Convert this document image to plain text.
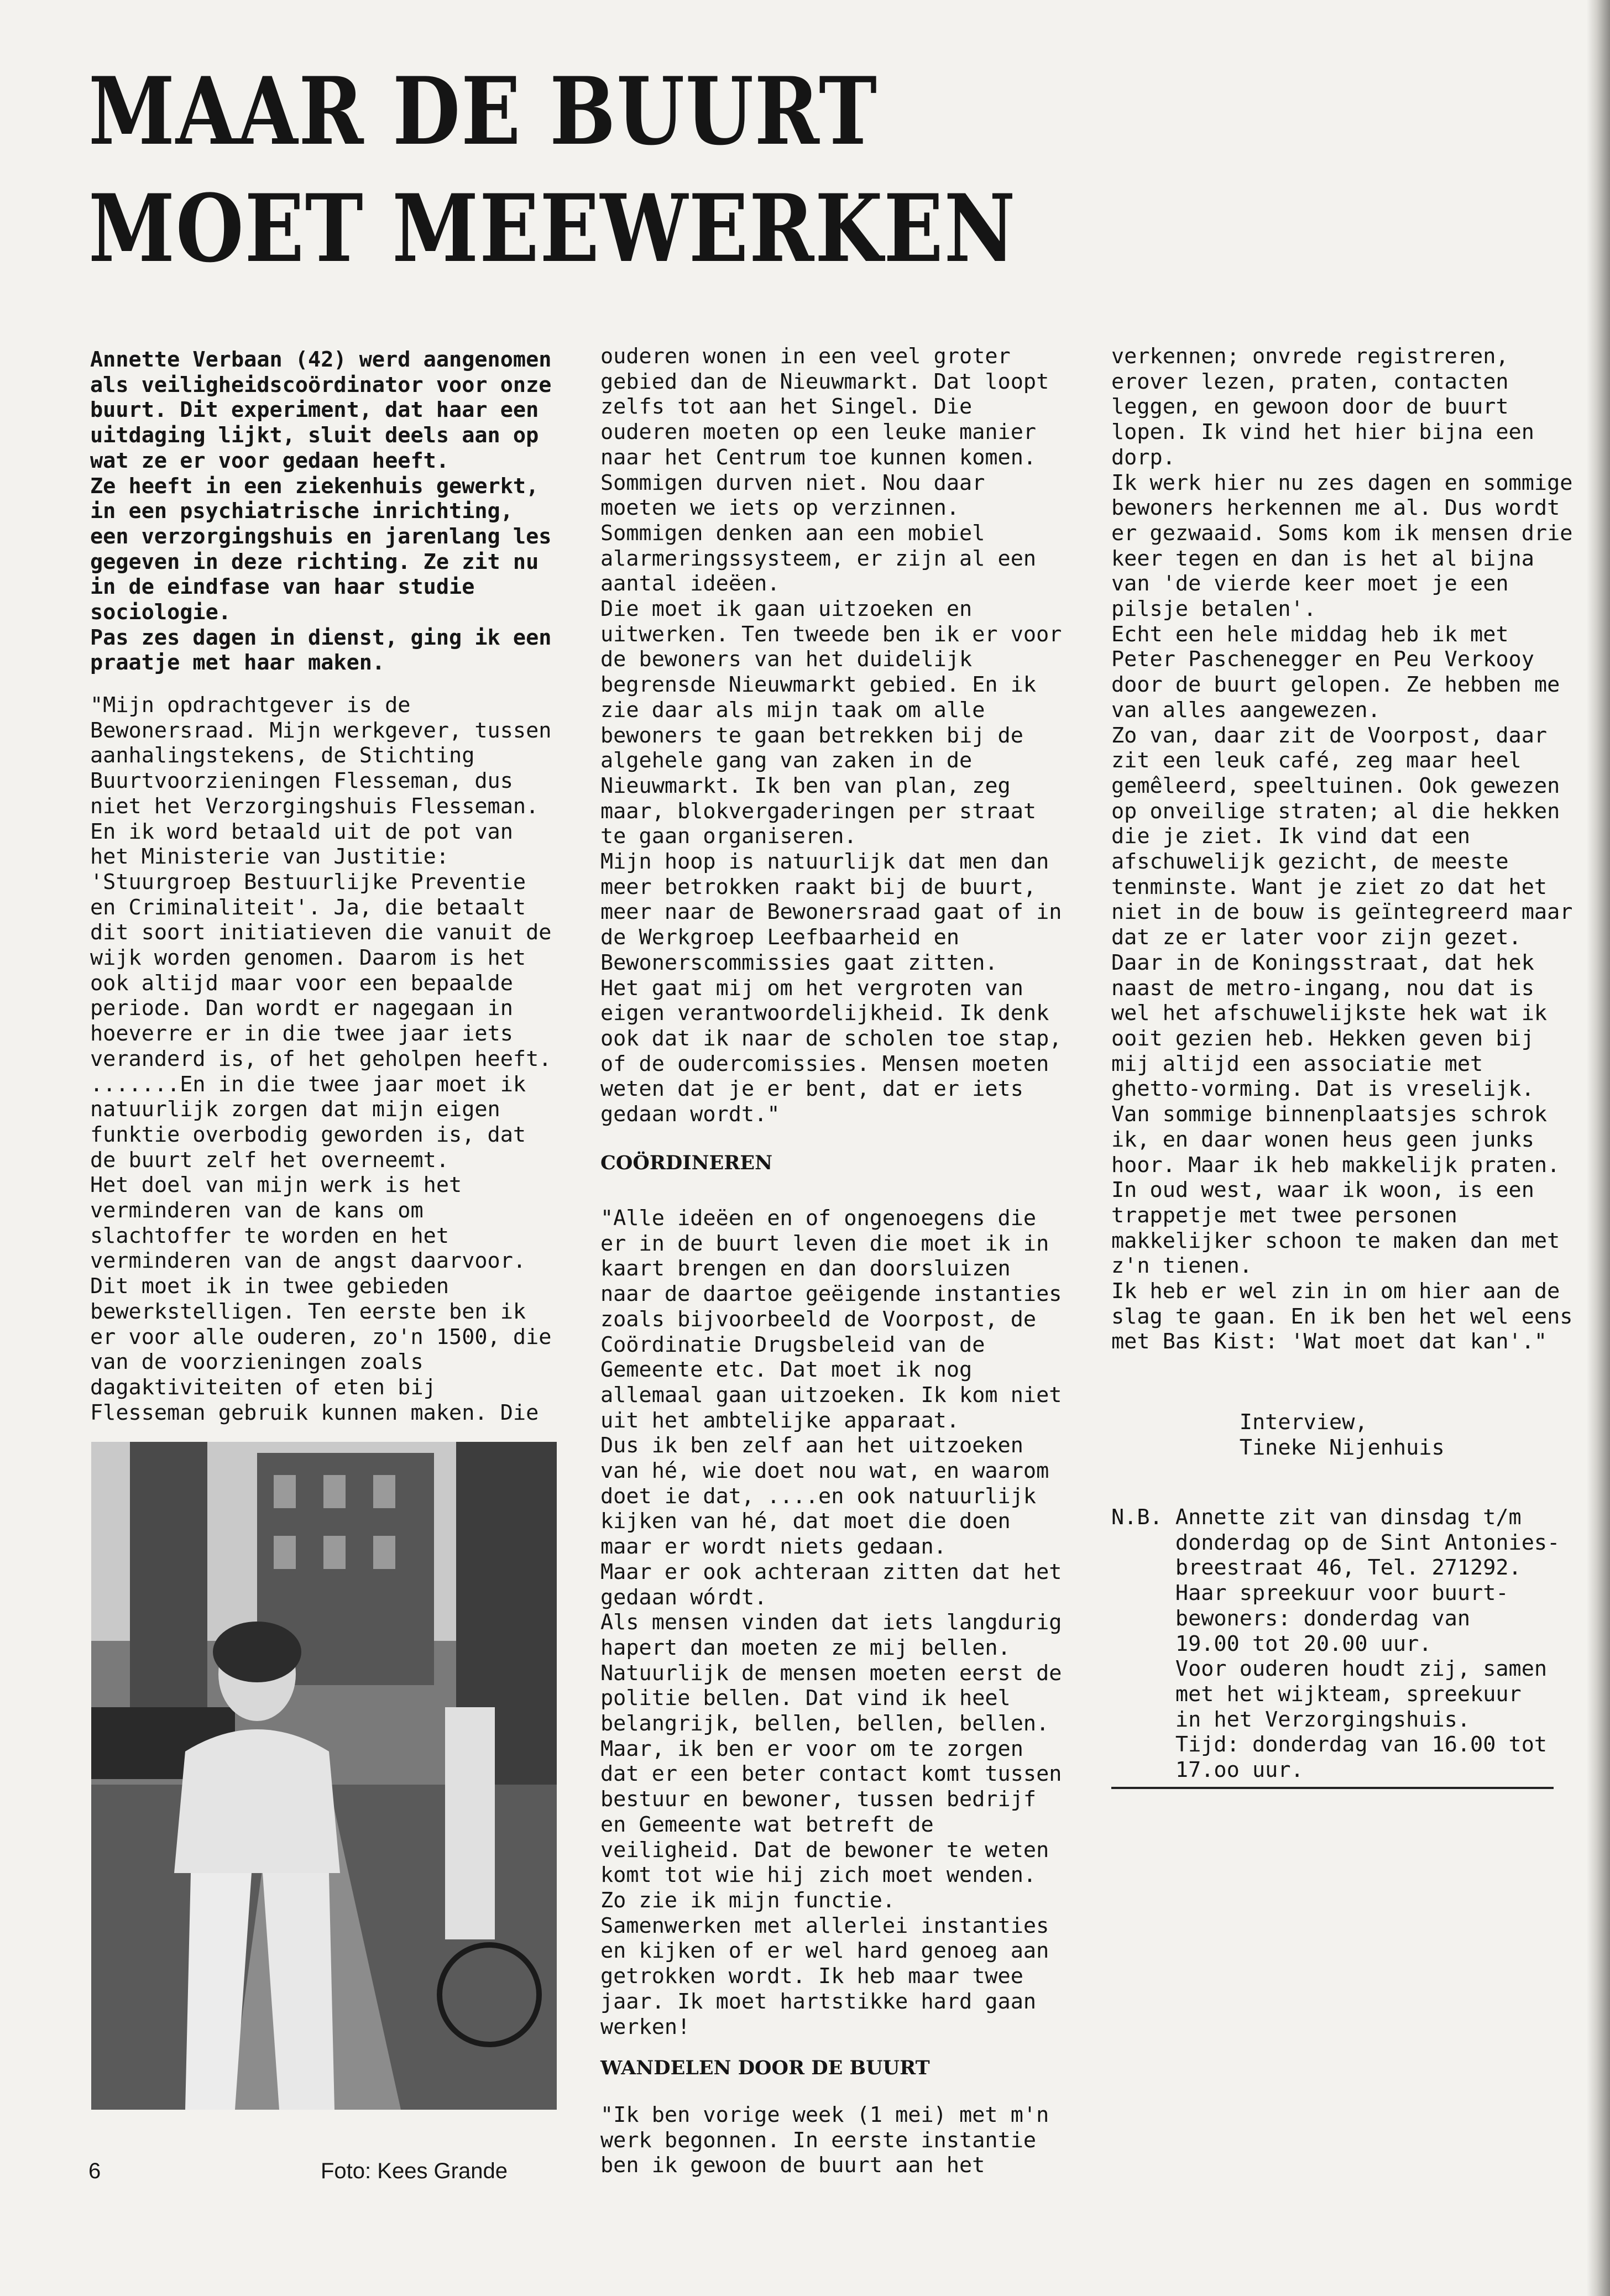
MAAR DE BUURT
MOET MEEWERKEN
Annette Verbaan (42) werd aangenomen
als veiligheidscoördinator voor onze
buurt. Dit experiment, dat haar een
uitdaging lijkt, sluit deels aan op
wat ze er voor gedaan heeft.
Ze heeft in een ziekenhuis gewerkt,
in een psychiatrische inrichting,
een verzorgingshuis en jarenlang les
gegeven in deze richting. Ze zit nu
in de eindfase van haar studie
sociologie.
Pas zes dagen in dienst, ging ik een
praatje met haar maken.
"Mijn opdrachtgever is de
Bewonersraad. Mijn werkgever, tussen
aanhalingstekens, de Stichting
Buurtvoorzieningen Flesseman, dus
niet het Verzorgingshuis Flesseman.
En ik word betaald uit de pot van
het Ministerie van Justitie:
'Stuurgroep Bestuurlijke Preventie
en Criminaliteit'. Ja, die betaalt
dit soort initiatieven die vanuit de
wijk worden genomen. Daarom is het
ook altijd maar voor een bepaalde
periode. Dan wordt er nagegaan in
hoeverre er in die twee jaar iets
veranderd is, of het geholpen heeft.
.......En in die twee jaar moet ik
natuurlijk zorgen dat mijn eigen
funktie overbodig geworden is, dat
de buurt zelf het overneemt.
Het doel van mijn werk is het
verminderen van de kans om
slachtoffer te worden en het
verminderen van de angst daarvoor.
Dit moet ik in twee gebieden
bewerkstelligen. Ten eerste ben ik
er voor alle ouderen, zo'n 1500, die
van de voorzieningen zoals
dagaktiviteiten of eten bij
Flesseman gebruik kunnen maken. Die
Foto: Kees Grande
6
ouderen wonen in een veel groter
gebied dan de Nieuwmarkt. Dat loopt
zelfs tot aan het Singel. Die
ouderen moeten op een leuke manier
naar het Centrum toe kunnen komen.
Sommigen durven niet. Nou daar
moeten we iets op verzinnen.
Sommigen denken aan een mobiel
alarmeringssysteem, er zijn al een
aantal ideëen.
Die moet ik gaan uitzoeken en
uitwerken. Ten tweede ben ik er voor
de bewoners van het duidelijk
begrensde Nieuwmarkt gebied. En ik
zie daar als mijn taak om alle
bewoners te gaan betrekken bij de
algehele gang van zaken in de
Nieuwmarkt. Ik ben van plan, zeg
maar, blokvergaderingen per straat
te gaan organiseren.
Mijn hoop is natuurlijk dat men dan
meer betrokken raakt bij de buurt,
meer naar de Bewonersraad gaat of in
de Werkgroep Leefbaarheid en
Bewonerscommissies gaat zitten.
Het gaat mij om het vergroten van
eigen verantwoordelijkheid. Ik denk
ook dat ik naar de scholen toe stap,
of de oudercomissies. Mensen moeten
weten dat je er bent, dat er iets
gedaan wordt."
COÖRDINEREN
"Alle ideëen en of ongenoegens die
er in de buurt leven die moet ik in
kaart brengen en dan doorsluizen
naar de daartoe geëigende instanties
zoals bijvoorbeeld de Voorpost, de
Coördinatie Drugsbeleid van de
Gemeente etc. Dat moet ik nog
allemaal gaan uitzoeken. Ik kom niet
uit het ambtelijke apparaat.
Dus ik ben zelf aan het uitzoeken
van hé, wie doet nou wat, en waarom
doet ie dat, ....en ook natuurlijk
kijken van hé, dat moet die doen
maar er wordt niets gedaan.
Maar er ook achteraan zitten dat het
gedaan wórdt.
Als mensen vinden dat iets langdurig
hapert dan moeten ze mij bellen.
Natuurlijk de mensen moeten eerst de
politie bellen. Dat vind ik heel
belangrijk, bellen, bellen, bellen.
Maar, ik ben er voor om te zorgen
dat er een beter contact komt tussen
bestuur en bewoner, tussen bedrijf
en Gemeente wat betreft de
veiligheid. Dat de bewoner te weten
komt tot wie hij zich moet wenden.
Zo zie ik mijn functie.
Samenwerken met allerlei instanties
en kijken of er wel hard genoeg aan
getrokken wordt. Ik heb maar twee
jaar. Ik moet hartstikke hard gaan
werken!
WANDELEN DOOR DE BUURT
"Ik ben vorige week (1 mei) met m'n
werk begonnen. In eerste instantie
ben ik gewoon de buurt aan het
verkennen; onvrede registreren,
erover lezen, praten, contacten
leggen, en gewoon door de buurt
lopen. Ik vind het hier bijna een
dorp.
Ik werk hier nu zes dagen en sommige
bewoners herkennen me al. Dus wordt
er gezwaaid. Soms kom ik mensen drie
keer tegen en dan is het al bijna
van 'de vierde keer moet je een
pilsje betalen'.
Echt een hele middag heb ik met
Peter Paschenegger en Peu Verkooy
door de buurt gelopen. Ze hebben me
van alles aangewezen.
Zo van, daar zit de Voorpost, daar
zit een leuk café, zeg maar heel
gemêleerd, speeltuinen. Ook gewezen
op onveilige straten; al die hekken
die je ziet. Ik vind dat een
afschuwelijk gezicht, de meeste
tenminste. Want je ziet zo dat het
niet in de bouw is geïntegreerd maar
dat ze er later voor zijn gezet.
Daar in de Koningsstraat, dat hek
naast de metro-ingang, nou dat is
wel het afschuwelijkste hek wat ik
ooit gezien heb. Hekken geven bij
mij altijd een associatie met
ghetto-vorming. Dat is vreselijk.
Van sommige binnenplaatsjes schrok
ik, en daar wonen heus geen junks
hoor. Maar ik heb makkelijk praten.
In oud west, waar ik woon, is een
trappetje met twee personen
makkelijker schoon te maken dan met
z'n tienen.
Ik heb er wel zin in om hier aan de
slag te gaan. En ik ben het wel eens
met Bas Kist: 'Wat moet dat kan'."
Interview,
Tineke Nijenhuis
N.B. Annette zit van dinsdag t/m
donderdag op de Sint Antonies-
breestraat 46, Tel. 271292.
Haar spreekuur voor buurt-
bewoners: donderdag van
19.00 tot 20.00 uur.
Voor ouderen houdt zij, samen
met het wijkteam, spreekuur
in het Verzorgingshuis.
Tijd: donderdag van 16.00 tot
17.oo uur.
